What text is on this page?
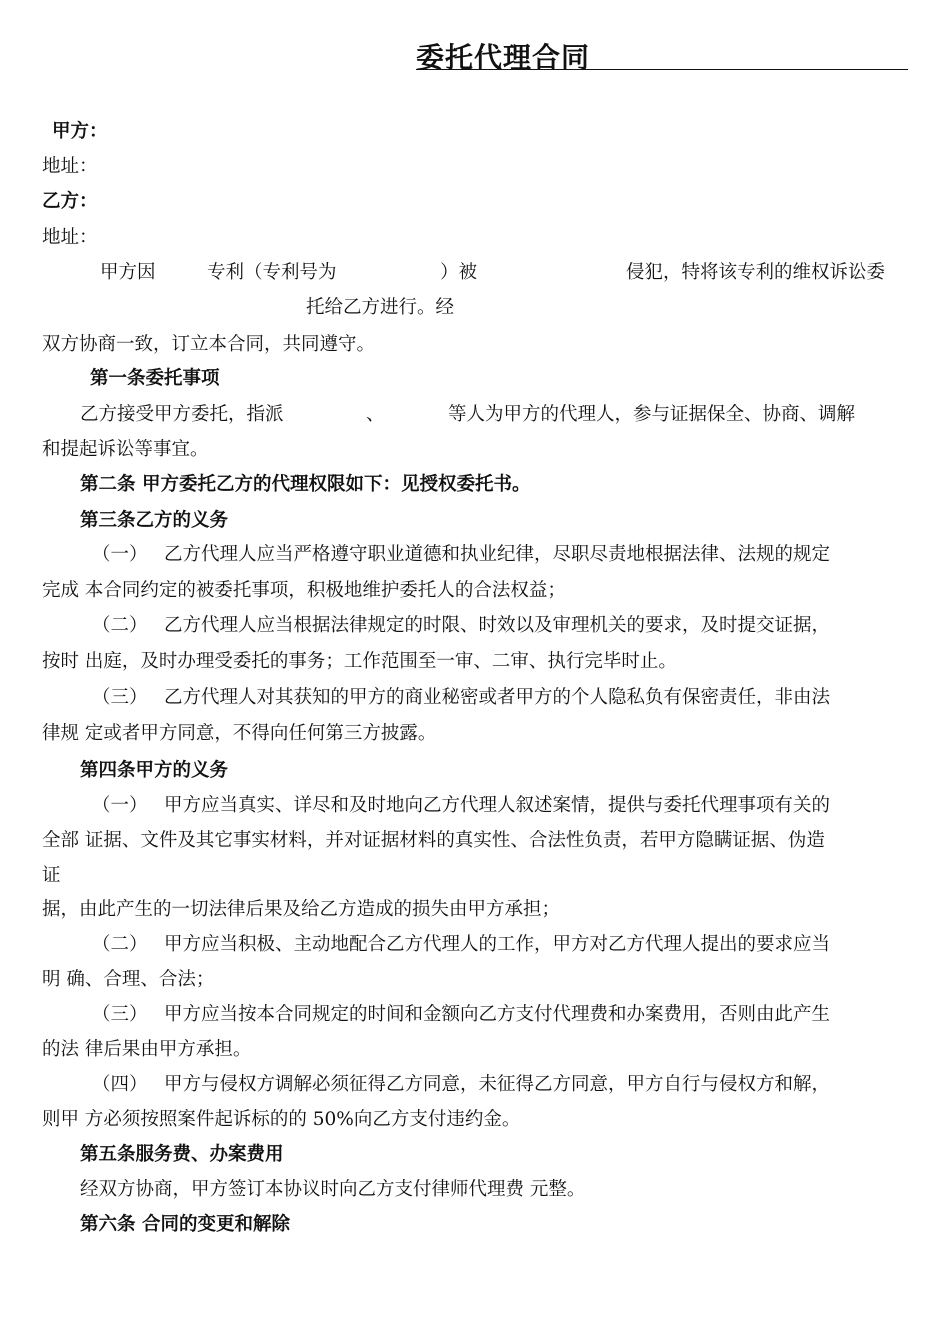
委托代理合同
甲方：
地址：
乙方：
地址：
甲方因	专利（专利号为	）被	侵犯，特将该专利的维权诉讼委
托给乙方进行。经
双方协商一致，订立本合同，共同遵守。
第一条委托事项
乙方接受甲方委托，指派	、	等人为甲方的代理人，参与证据保全、协商、调解
和提起诉讼等事宜。
第二条 甲方委托乙方的代理权限如下：见授权委托书。
第三条乙方的义务
（一） 乙方代理人应当严格遵守职业道德和执业纪律，尽职尽责地根据法律、法规的规定
完成 本合同约定的被委托事项，积极地维护委托人的合法权益；
（二） 乙方代理人应当根据法律规定的时限、时效以及审理机关的要求，及时提交证据，
按时 出庭，及时办理受委托的事务；工作范围至一审、二审、执行完毕时止。
（三） 乙方代理人对其获知的甲方的商业秘密或者甲方的个人隐私负有保密责任，非由法
律规 定或者甲方同意，不得向任何第三方披露。
第四条甲方的义务
（一） 甲方应当真实、详尽和及时地向乙方代理人叙述案情，提供与委托代理事项有关的
全部 证据、文件及其它事实材料，并对证据材料的真实性、合法性负责，若甲方隐瞒证据、伪造
证
据，由此产生的一切法律后果及给乙方造成的损失由甲方承担；
（二） 甲方应当积极、主动地配合乙方代理人的工作，甲方对乙方代理人提出的要求应当
明 确、合理、合法；
（三） 甲方应当按本合同规定的时间和金额向乙方支付代理费和办案费用，否则由此产生
的法 律后果由甲方承担。
（四） 甲方与侵权方调解必须征得乙方同意，未征得乙方同意，甲方自行与侵权方和解，
则甲 方必须按照案件起诉标的的 50%向乙方支付违约金。
第五条服务费、办案费用
经双方协商，甲方签订本协议时向乙方支付律师代理费 元整。
第六条 合同的变更和解除
